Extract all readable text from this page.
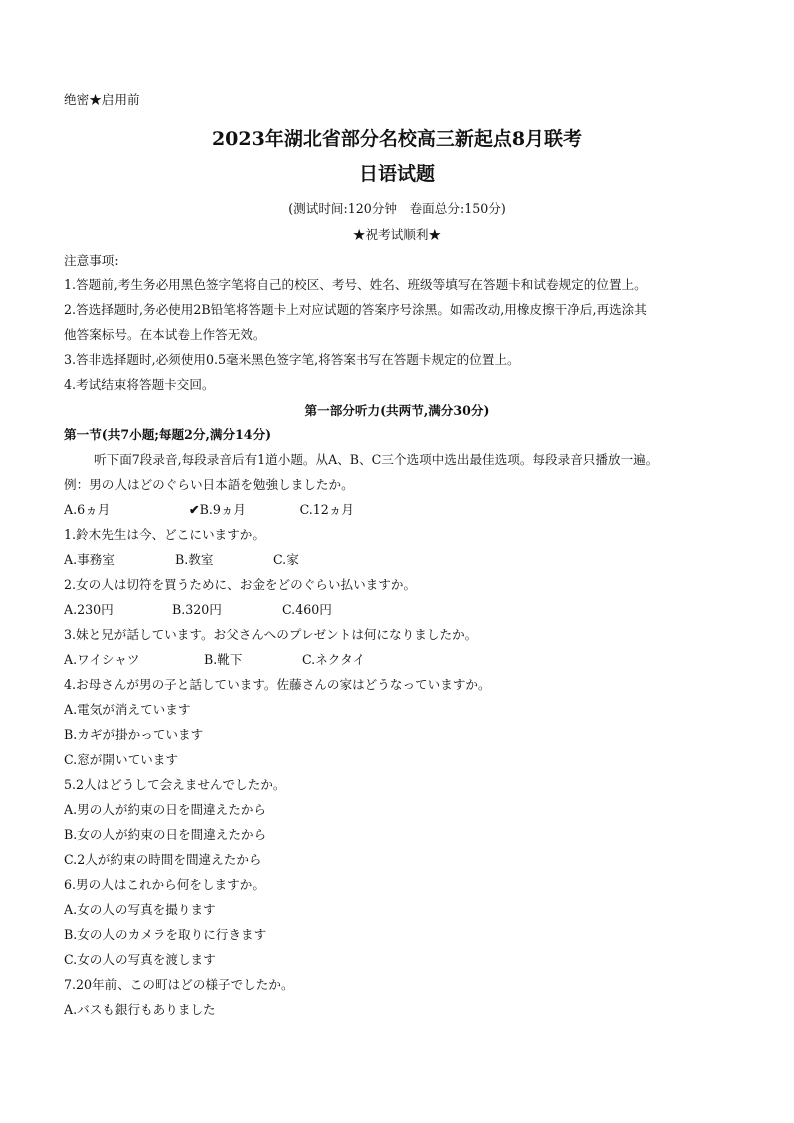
绝密★启用前
2023年湖北省部分名校高三新起点8月联考
日语试题
(测试时间:120分钟　卷面总分:150分)
★祝考试顺利★
注意事项:
1.答题前,考生务必用黑色签字笔将自己的校区、考号、姓名、班级等填写在答题卡和试卷规定的位置上。
2.答选择题时,务必使用2B铅笔将答题卡上对应试题的答案序号涂黑。如需改动,用橡皮擦干净后,再选涂其
他答案标号。在本试卷上作答无效。
3.答非选择题时,必须使用0.5毫米黑色签字笔,将答案书写在答题卡规定的位置上。
4.考试结束将答题卡交回。
第一部分听力(共两节,满分30分)
第一节(共7小题;每题2分,满分14分)
听下面7段录音,每段录音后有1道小题。从A、B、C三个选项中选出最佳选项。每段录音只播放一遍。
例：男の人はどのぐらい日本語を勉強しましたか。
A.6ヵ月	✔B.9ヵ月	C.12ヵ月
1.鈴木先生は今、どこにいますか。
A.事務室	B.教室	C.家
2.女の人は切符を買うために、お金をどのぐらい払いますか。
A.230円	B.320円	C.460円
3.妹と兄が話しています。お父さんへのプレゼントは何になりましたか。
A.ワイシャツ	B.靴下	C.ネクタイ
4.お母さんが男の子と話しています。佐藤さんの家はどうなっていますか。
A.電気が消えています
B.カギが掛かっています
C.窓が開いています
5.2人はどうして会えませんでしたか。
A.男の人が約束の日を間違えたから
B.女の人が約束の日を間違えたから
C.2人が約束の時間を間違えたから
6.男の人はこれから何をしますか。
A.女の人の写真を撮ります
B.女の人のカメラを取りに行きます
C.女の人の写真を渡します
7.20年前、この町はどの様子でしたか。
A.バスも銀行もありました
